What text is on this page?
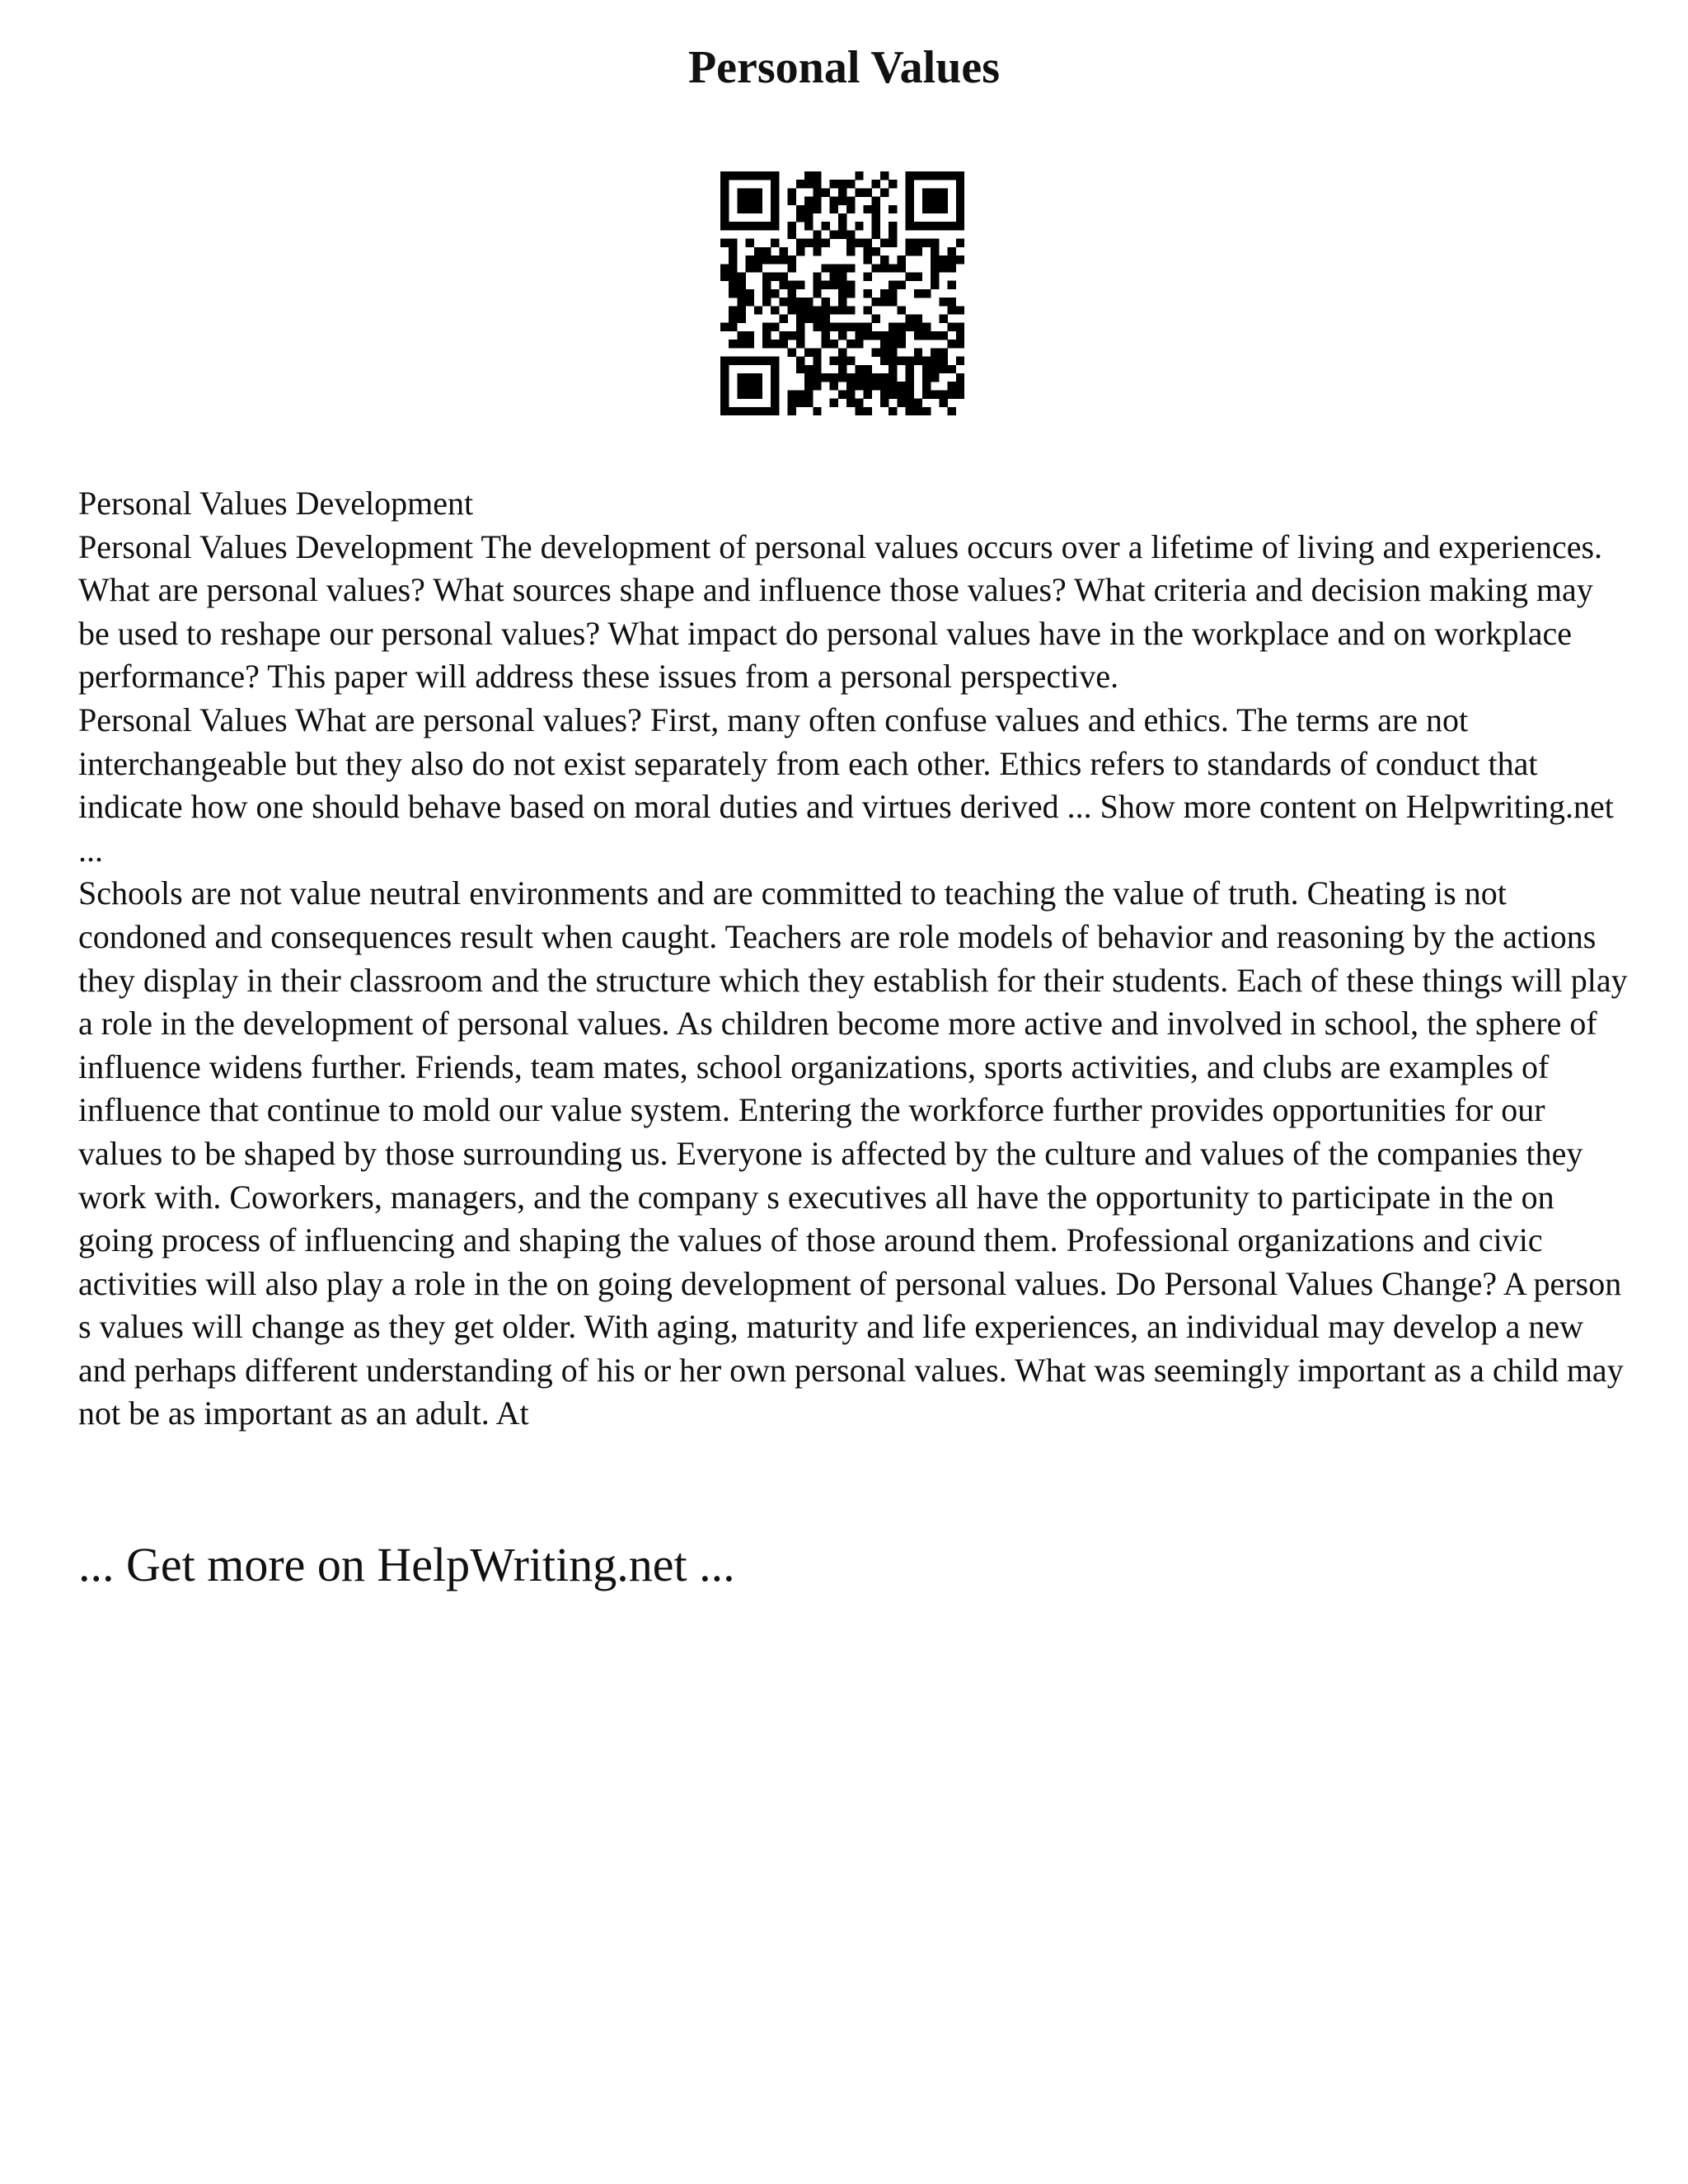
Personal Values

Personal Values Development

Personal Values Development The development of personal values occurs over a lifetime of living and experiences. What are personal values? What sources shape and influence those values? What criteria and decision making may be used to reshape our personal values? What impact do personal values have in the workplace and on workplace performance? This paper will address these issues from a personal perspective.

Personal Values What are personal values? First, many often confuse values and ethics. The terms are not interchangeable but they also do not exist separately from each other. Ethics refers to standards of conduct that indicate how one should behave based on moral duties and virtues derived ... Show more content on Helpwriting.net ...

Schools are not value neutral environments and are committed to teaching the value of truth. Cheating is not condoned and consequences result when caught. Teachers are role models of behavior and reasoning by the actions they display in their classroom and the structure which they establish for their students. Each of these things will play a role in the development of personal values. As children become more active and involved in school, the sphere of influence widens further. Friends, team mates, school organizations, sports activities, and clubs are examples of influence that continue to mold our value system. Entering the workforce further provides opportunities for our values to be shaped by those surrounding us. Everyone is affected by the culture and values of the companies they work with. Coworkers, managers, and the company s executives all have the opportunity to participate in the on going process of influencing and shaping the values of those around them. Professional organizations and civic activities will also play a role in the on going development of personal values. Do Personal Values Change? A person s values will change as they get older. With aging, maturity and life experiences, an individual may develop a new and perhaps different understanding of his or her own personal values. What was seemingly important as a child may not be as important as an adult. At

... Get more on HelpWriting.net ...
